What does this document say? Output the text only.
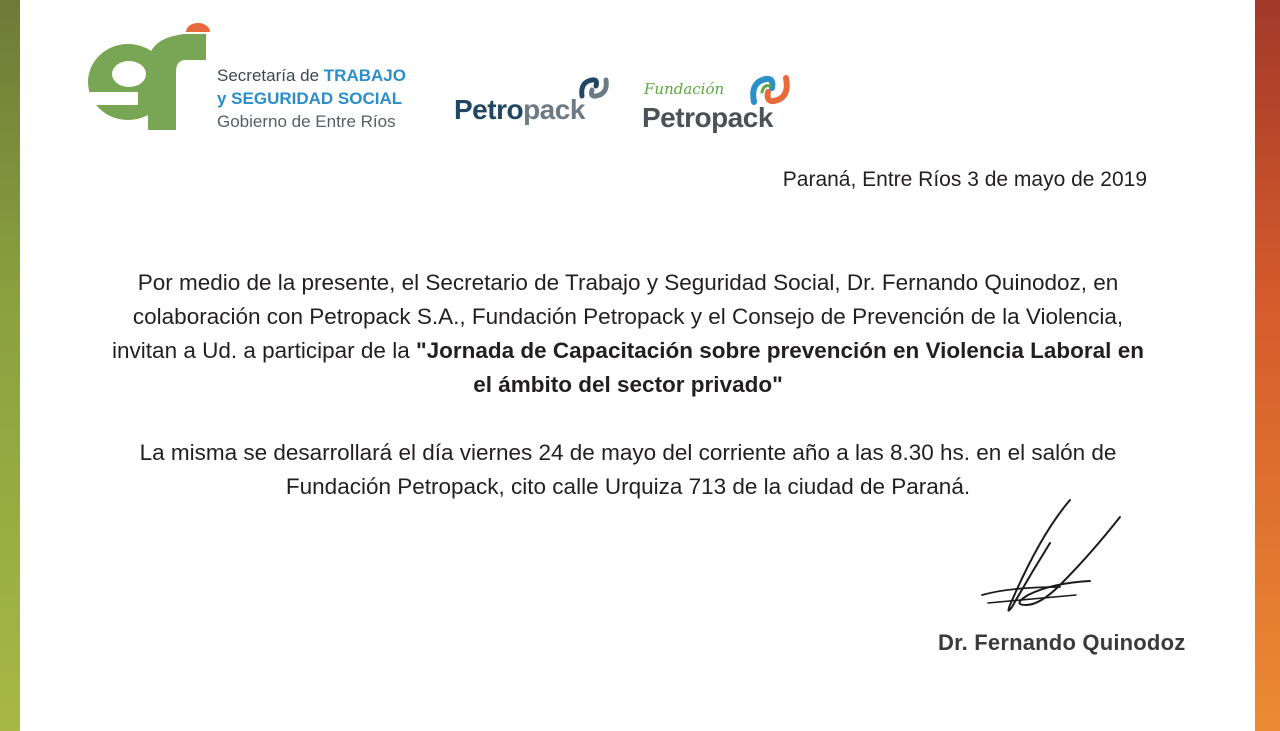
Secretaría de TRABAJO
y SEGURIDAD SOCIAL
Gobierno de Entre Ríos Petropack
Fundación
Petropack
Paraná, Entre Ríos 3 de mayo de 2019

Por medio de la presente, el Secretario de Trabajo y Seguridad Social, Dr. Fernando Quinodoz, en colaboración con Petropack S.A., Fundación Petropack y el Consejo de Prevención de la Violencia, invitan a Ud. a participar de la "Jornada de Capacitación sobre prevención en Violencia Laboral en el ámbito del sector privado"

La misma se desarrollará el día viernes 24 de mayo del corriente año a las 8.30 hs. en el salón de Fundación Petropack, cito calle Urquiza 713 de la ciudad de Paraná.

Dr. Fernando Quinodoz
